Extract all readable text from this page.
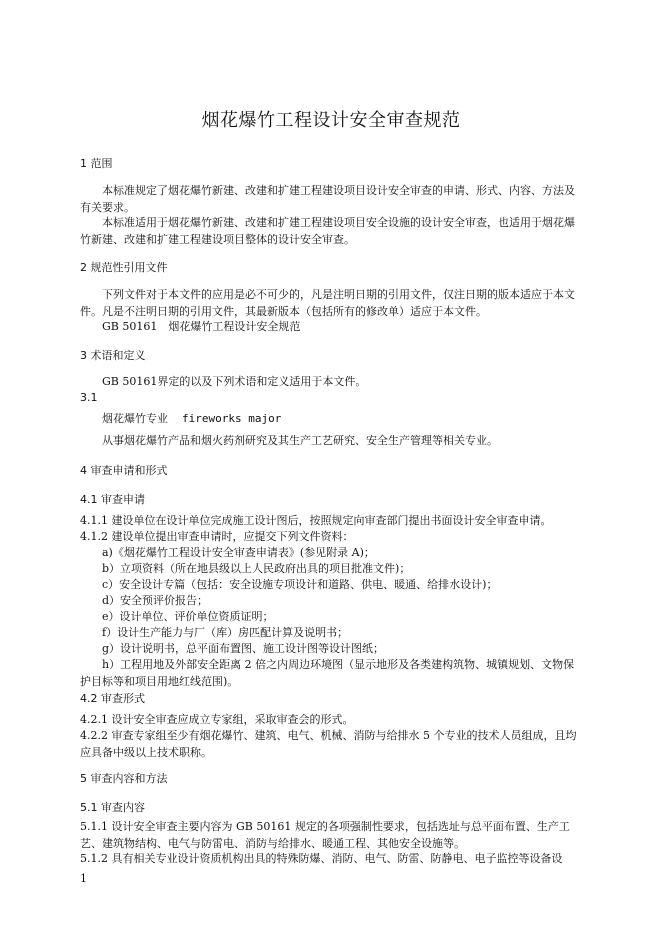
烟花爆竹工程设计安全审查规范
1 范围
本标准规定了烟花爆竹新建、改建和扩建工程建设项目设计安全审查的申请、形式、内容、方法及有关要求。
本标准适用于烟花爆竹新建、改建和扩建工程建设项目安全设施的设计安全审查，也适用于烟花爆竹新建、改建和扩建工程建设项目整体的设计安全审查。
2 规范性引用文件
下列文件对于本文件的应用是必不可少的，凡是注明日期的引用文件，仅注日期的版本适应于本文件。凡是不注明日期的引用文件，其最新版本（包括所有的修改单）适应于本文件。
GB 50161　烟花爆竹工程设计安全规范
3 术语和定义
GB 50161界定的以及下列术语和定义适用于本文件。
3.1
烟花爆竹专业 fireworks major
从事烟花爆竹产品和烟火药剂研究及其生产工艺研究、安全生产管理等相关专业。
4 审查申请和形式
4.1 审查申请
4.1.1 建设单位在设计单位完成施工设计图后，按照规定向审查部门提出书面设计安全审查申请。
4.1.2 建设单位提出审查申请时，应提交下列文件资料：
a)《烟花爆竹工程设计安全审查申请表》(参见附录 A)；
b）立项资料（所在地县级以上人民政府出具的项目批准文件)；
c）安全设计专篇（包括：安全设施专项设计和道路、供电、暖通、给排水设计)；
d）安全预评价报告；
e）设计单位、评价单位资质证明；
f）设计生产能力与厂（库）房匹配计算及说明书；
g）设计说明书，总平面布置图、施工设计图等设计图纸；
h）工程用地及外部安全距离 2 倍之内周边环境图（显示地形及各类建构筑物、城镇规划、文物保护目标等和项目用地红线范围)。
4.2 审查形式
4.2.1 设计安全审查应成立专家组，采取审查会的形式。
4.2.2 审查专家组至少有烟花爆竹、建筑、电气、机械、消防与给排水 5 个专业的技术人员组成，且均应具备中级以上技术职称。
5 审查内容和方法
5.1 审查内容
5.1.1 设计安全审查主要内容为 GB 50161 规定的各项强制性要求，包括选址与总平面布置、生产工艺、建筑物结构、电气与防雷电、消防与给排水、暖通工程、其他安全设施等。
5.1.2 具有相关专业设计资质机构出具的特殊防爆、消防、电气、防雷、防静电、电子监控等设备设
1
